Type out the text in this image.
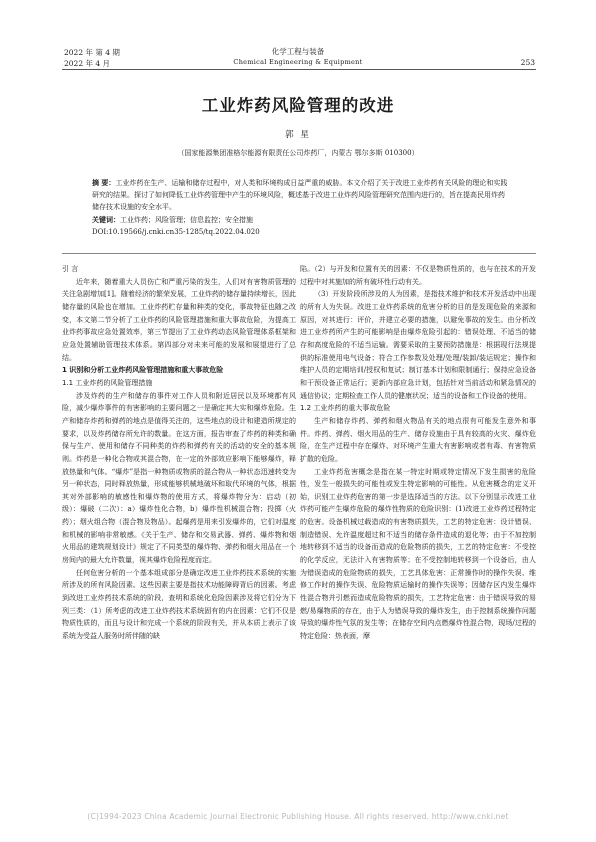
2022 年 第 4 期
2022 年 4 月
化学工程与装备
Chemical Engineering & Equipment	253
工业炸药风险管理的改进
郭 星
（国家能源集团准格尔能源有限责任公司炸药厂，内蒙古 鄂尔多斯 010300）

摘 要：工业炸药在生产、运输和储存过程中，对人类和环境构成日益严重的威胁。本文介绍了关于改进工业炸药有关风险的理论和实践研究的结果。探讨了如何降低工业炸药管理中产生的环境风险，概述基于改进工业炸药风险管理研究范围内进行的，旨在提高民用炸药储存技术设施的安全水平。

关键词：工业炸药；风险管理；信息监控；安全措施

DOI:10.19566/j.cnki.cn35-1285/tq.2022.04.020

引 言

近年来，随着重大人员伤亡和严重污染的发生，人们对有害物质管理的关注急剧增加[1]。随着经济的繁荣发展，工业炸药的储存量持续增长，因此储存量的风险也在增加。工业炸药贮存量和种类的变化，事故特征也随之改变，本文第二节分析了工业炸药的风险管理措施和重大事故危险，为提高工业炸药事故应急处置效率，第三节提出了工业炸药动态风险管理体系框架和应急处置辅助管理技术体系。第四部分对未来可能的发展和展望进行了总结。

1 识别和分析工业炸药风险管理措施和重大事故危险

1.1 工业炸药的风险管理措施

涉及炸药的生产和储存的事件对工作人员和附近居民以及环境都有风险，减少爆炸事件的有害影响的主要问题之一是确定其大实和爆炸危险。生产和储存炸药和弹药的地点是值得关注的，这些地点的设计和建造所规定的要求，以及炸药储存所允许的数量。在这方面，报告审查了炸药的种类和确保与生产、使用和储存不同种类的炸药和弹药有关的活动的安全的基本规则。炸药是一种化合物或其混合物，在一定的外部效应影响下能够爆炸，释放热量和气体。“爆炸”是指一种物质或物质的混合物从一种状态迅速转变为另一种状态，同时释放热量，形成能够机械地破坏和取代环境的气体，根据其对外部影响的敏感性和爆炸物的使用方式，将爆炸物分为：启动（初级）：爆破（二次）：a）爆炸性化合物，b）爆炸性机械混合物；投掷（火药）；烟火组合物（混合物及物品）。起爆药是用来引发爆炸的，它们对温度和机械的影响非常敏感。《关于生产、储存和交易武器、弹药、爆炸物和烟火用品的建筑规划设计》规定了不同类型的爆炸物、弹药和烟火用品在一个房间内的最大允许数量，视其爆炸危险程度而定。

任何危害分析的一个基本组成部分是确定改进工业炸药技术系统的实施所涉及的所有风险因素。这些因素主要是指技术功能障碍背后的因素。考虑到改进工业炸药技术系统的阶段，查明和系统化危险因素涉及将它们分为下列三类：（1）所考虑的改进工业炸药技术系统固有的内在因素：它们不仅是物质性质的，而且与设计和完成一个系统的阶段有关，并从本质上表示了该系统为受益人服务时所伴随的缺

陷。（2）与开发和位置有关的因素：不仅是物质性质的，也与在技术的开发过程中对其施加的所有破坏性行动有关。

（3）开发阶段所涉及的人为因素，是指技术维护和技术开发活动中出现的所有人为失误。改进工业炸药系统的危害分析的目的是发现危险的来源和原因，对其进行：评价，并建立必要的措施，以避免事故的发生。由分析改进工业炸药所产生的可能影响是由爆炸危险引起的：错误处理、不适当的储存和高度危险的不适当运输。需要采取的主要预防措施是：根据现行法规提供的标准使用电气设备；符合工作参数及处理/处理/装卸/装运规定；操作和维护人员的定期培训/授权和复试；制订基本计划和限制通行；保持应急设备和干预设备正常运行；更新内部应急计划，包括针对当前活动和紧急情况的通信协议；定期检查工作人员的健康状况；适当的设备和工作设备的使用。

1.2 工业炸药的重大事故危险

生产和储存炸药、弹药和烟火物品有关的地点很有可能发生意外和事件。炸药、弹药、烟火用品的生产、储存设施由于具有较高的火灾、爆炸危险，在生产过程中存在爆炸、对环境产生重大有害影响或者有毒、有害物质扩散的危险。

工业炸药危害概念是指在某一特定时期或特定情况下发生损害的危险性，发生一般损失的可能性或发生特定影响的可能性。从危害概念的定义开始，识别工业炸药危害的第一步是选择适当的方法。以下分别显示改进工业炸药可能产生爆炸危险的爆炸性物质的危险识别：(1)改进工业炸药过程特定的危害。设备机械过载造成的有害物质损失，工艺的特定危害：设计错误、制造错误、允许温度超过和不适当的储存条件造成的退化等；由于不加控制地转移到不适当的设备而造成的危险物质的损失，工艺的特定危害：不受控的化学反应，无法计入有害物质等；在不受控制地转移到一个设备后，由人为错误造成的危险物质的损失，工艺具体危害：正常操作时的操作失误、维修工作时的操作失误、危险物质运输时的操作失误等；因储存区内发生爆炸性混合物并引燃而造成危险物质的损失，工艺特定危害：由于错误导致的易燃/易爆物质的存在，由于人为错误导致的爆炸发生，由于控制系统操作问题导致的爆炸性气氛的发生等；在储存空间内点燃爆炸性混合物，现场/过程的特定危险：热表面，摩

(C)1994-2023 China Academic Journal Electronic Publishing House. All rights reserved. http://www.cnki.net
